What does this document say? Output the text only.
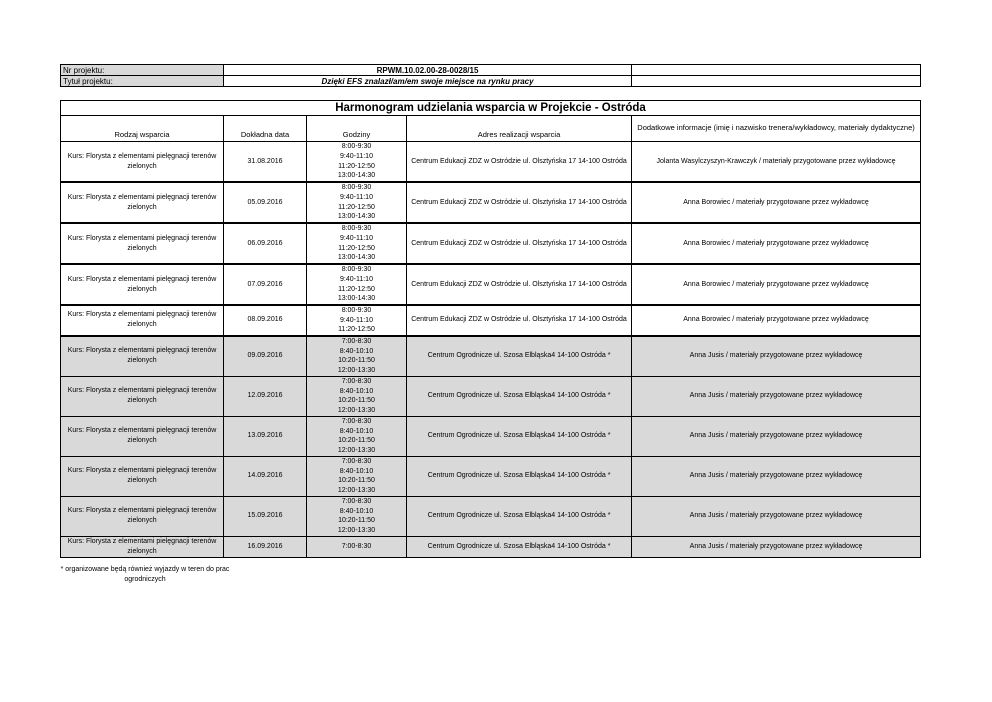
Nr projektu:	RPWM.10.02.00-28-0028/15	
Tytuł projektu:	Dzięki EFS znalazł/am/em swoje miejsce na rynku pracy	
Harmonogram udzielania wsparcia w Projekcie - Ostróda				
Rodzaj wsparcia	Dokładna data	Godziny	Adres realizacji wsparcia	Dodatkowe informacje (imię i nazwisko trenera/wykładowcy, materiały dydaktyczne)
Kurs: Florysta z elementami pielęgnacji terenów zielonych	31.08.2016	8:00-9:30
9:40-11:10
11:20-12:50
13:00-14:30	Centrum Edukacji ZDZ w Ostródzie ul. Olsztyńska 17 14-100 Ostróda	Jolanta Wasylczyszyn-Krawczyk / materiały przygotowane przez wykładowcę
Kurs: Florysta z elementami pielęgnacji terenów zielonych	05.09.2016	8:00-9:30
9:40-11:10
11:20-12:50
13:00-14:30	Centrum Edukacji ZDZ w Ostródzie ul. Olsztyńska 17 14-100 Ostróda	Anna Borowiec / materiały przygotowane przez wykładowcę
Kurs: Florysta z elementami pielęgnacji terenów zielonych	06.09.2016	8:00-9:30
9:40-11:10
11:20-12:50
13:00-14:30	Centrum Edukacji ZDZ w Ostródzie ul. Olsztyńska 17 14-100 Ostróda	Anna Borowiec / materiały przygotowane przez wykładowcę
Kurs: Florysta z elementami pielęgnacji terenów zielonych	07.09.2016	8:00-9:30
9:40-11:10
11:20-12:50
13:00-14:30	Centrum Edukacji ZDZ w Ostródzie ul. Olsztyńska 17 14-100 Ostróda	Anna Borowiec / materiały przygotowane przez wykładowcę
Kurs: Florysta z elementami pielęgnacji terenów zielonych	08.09.2016	8:00-9:30
9:40-11:10
11:20-12:50	Centrum Edukacji ZDZ w Ostródzie ul. Olsztyńska 17 14-100 Ostróda	Anna Borowiec / materiały przygotowane przez wykładowcę
Kurs: Florysta z elementami pielęgnacji terenów zielonych	09.09.2016	7:00-8:30
8:40-10:10
10:20-11:50
12:00-13:30	Centrum Ogrodnicze ul. Szosa Elbląska4 14-100 Ostróda *	Anna Jusis / materiały przygotowane przez wykładowcę
Kurs: Florysta z elementami pielęgnacji terenów zielonych	12.09.2016	7:00-8:30
8:40-10:10
10:20-11:50
12:00-13:30	Centrum Ogrodnicze ul. Szosa Elbląska4 14-100 Ostróda *	Anna Jusis / materiały przygotowane przez wykładowcę
Kurs: Florysta z elementami pielęgnacji terenów zielonych	13.09.2016	7:00-8:30
8:40-10:10
10:20-11:50
12:00-13:30	Centrum Ogrodnicze ul. Szosa Elbląska4 14-100 Ostróda *	Anna Jusis / materiały przygotowane przez wykładowcę
Kurs: Florysta z elementami pielęgnacji terenów zielonych	14.09.2016	7:00-8:30
8:40-10:10
10:20-11:50
12:00-13:30	Centrum Ogrodnicze ul. Szosa Elbląska4 14-100 Ostróda *	Anna Jusis / materiały przygotowane przez wykładowcę
Kurs: Florysta z elementami pielęgnacji terenów zielonych	15.09.2016	7:00-8:30
8:40-10:10
10:20-11:50
12:00-13:30	Centrum Ogrodnicze ul. Szosa Elbląska4 14-100 Ostróda *	Anna Jusis / materiały przygotowane przez wykładowcę
Kurs: Florysta z elementami pielęgnacji terenów zielonych	16.09.2016	7:00-8:30	Centrum Ogrodnicze ul. Szosa Elbląska4 14-100 Ostróda *	Anna Jusis / materiały przygotowane przez wykładowcę
* organizowane będą również wyjazdy w teren do prac ogrodniczych
